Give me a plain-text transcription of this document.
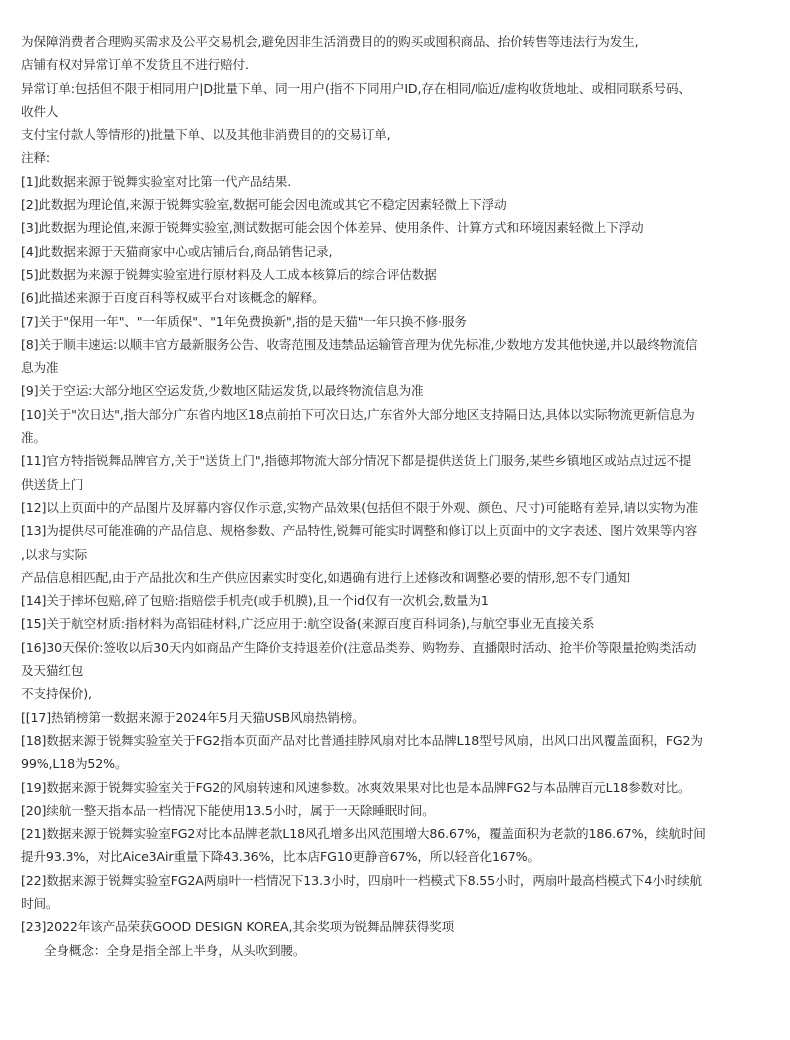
为保障消费者合理购买需求及公平交易机会,避免因非生活消费目的的购买或囤积商品、抬价转售等违法行为发生,
店铺有权对异常订单不发货且不进行赔付.
异常订单:包括但不限于相同用户|D批量下单、同一用户(指不下同用户ID,存在相同/临近/虚构收货地址、或相同联系号码、
收件人
支付宝付款人等情形的)批量下单、以及其他非消费目的的交易订单,
注释:
[1]此数据来源于锐舞实验室对比第一代产品结果.
[2]此数据为理论值,来源于锐舞实验室,数据可能会因电流或其它不稳定因素轻微上下浮动
[3]此数据为理论值,来源于锐舞实验室,测试数据可能会因个体差异、使用条件、计算方式和环境因素轻微上下浮动
[4]此数据来源于天猫商家中心或店铺后台,商品销售记录,
[5]此数据为来源于锐舞实验室进行原材料及人工成本核算后的综合评估数据
[6]此描述来源于百度百科等权威平台对该概念的解释。
[7]关于"保用一年"、"一年质保"、"1年免费换新",指的是天猫"一年只换不修·服务
[8]关于顺丰速运:以顺丰官方最新服务公告、收寄范围及违禁品运输管音理为优先标准,少数地方发其他快递,并以最终物流信
息为准
[9]关于空运:大部分地区空运发货,少数地区陆运发货,以最终物流信息为准
[10]关于"次日达",指大部分广东省内地区18点前拍下可次日达,广东省外大部分地区支持隔日达,具体以实际物流更新信息为
准。
[11]官方特指锐舞品牌官方,关于"送货上门",指德邦物流大部分情况下都是提供送货上门服务,某些乡镇地区或站点过远不提
供送货上门
[12]以上页面中的产品图片及屏幕内容仅作示意,实物产品效果(包括但不限于外观、颜色、尺寸)可能略有差异,请以实物为准
[13]为提供尽可能准确的产品信息、规格参数、产品特性,锐舞可能实时调整和修订以上页面中的文字表述、图片效果等内容
,以求与实际
产品信息相匹配,由于产品批次和生产供应因素实时变化,如遇确有进行上述修改和调整必要的情形,恕不专门通知
[14]关于摔坏包赔,碎了包赔:指赔偿手机壳(或手机膜),且一个id仅有一次机会,数量为1
[15]关于航空材质:指材料为高铝硅材料,广泛应用于:航空设备(来源百度百科词条),与航空事业无直接关系
[16]30天保价:签收以后30天内如商品产生降价支持退差价(注意品类券、购物券、直播限时活动、抢半价等限量抢购类活动
及天猫红包
不支持保价),
[[17]热销榜第一数据来源于2024年5月天猫USB风扇热销榜。
[18]数据来源于锐舞实验室关于FG2指本页面产品对比普通挂脖风扇对比本品牌L18型号风扇，出风口出风覆盖面积，FG2为
99%,L18为52%。
[19]数据来源于锐舞实验室关于FG2的风扇转速和风速参数。冰爽效果果对比也是本品牌FG2与本品牌百元L18参数对比。
[20]续航一整天指本品一档情况下能使用13.5小时，属于一天除睡眠时间。
[21]数据来源于锐舞实验室FG2对比本品牌老款L18风孔增多出风范围增大86.67%，覆盖面积为老款的186.67%，续航时间
提升93.3%，对比Aice3Air重量下降43.36%，比本店FG10更静音67%，所以轻音化167%。
[22]数据来源于锐舞实验室FG2A两扇叶一档情况下13.3小时，四扇叶一档模式下8.55小时，两扇叶最高档模式下4小时续航
时间。
[23]2022年该产品荣获GOOD DESIGN KOREA,其余奖项为锐舞品牌获得奖项
全身概念：全身是指全部上半身，从头吹到腰。
